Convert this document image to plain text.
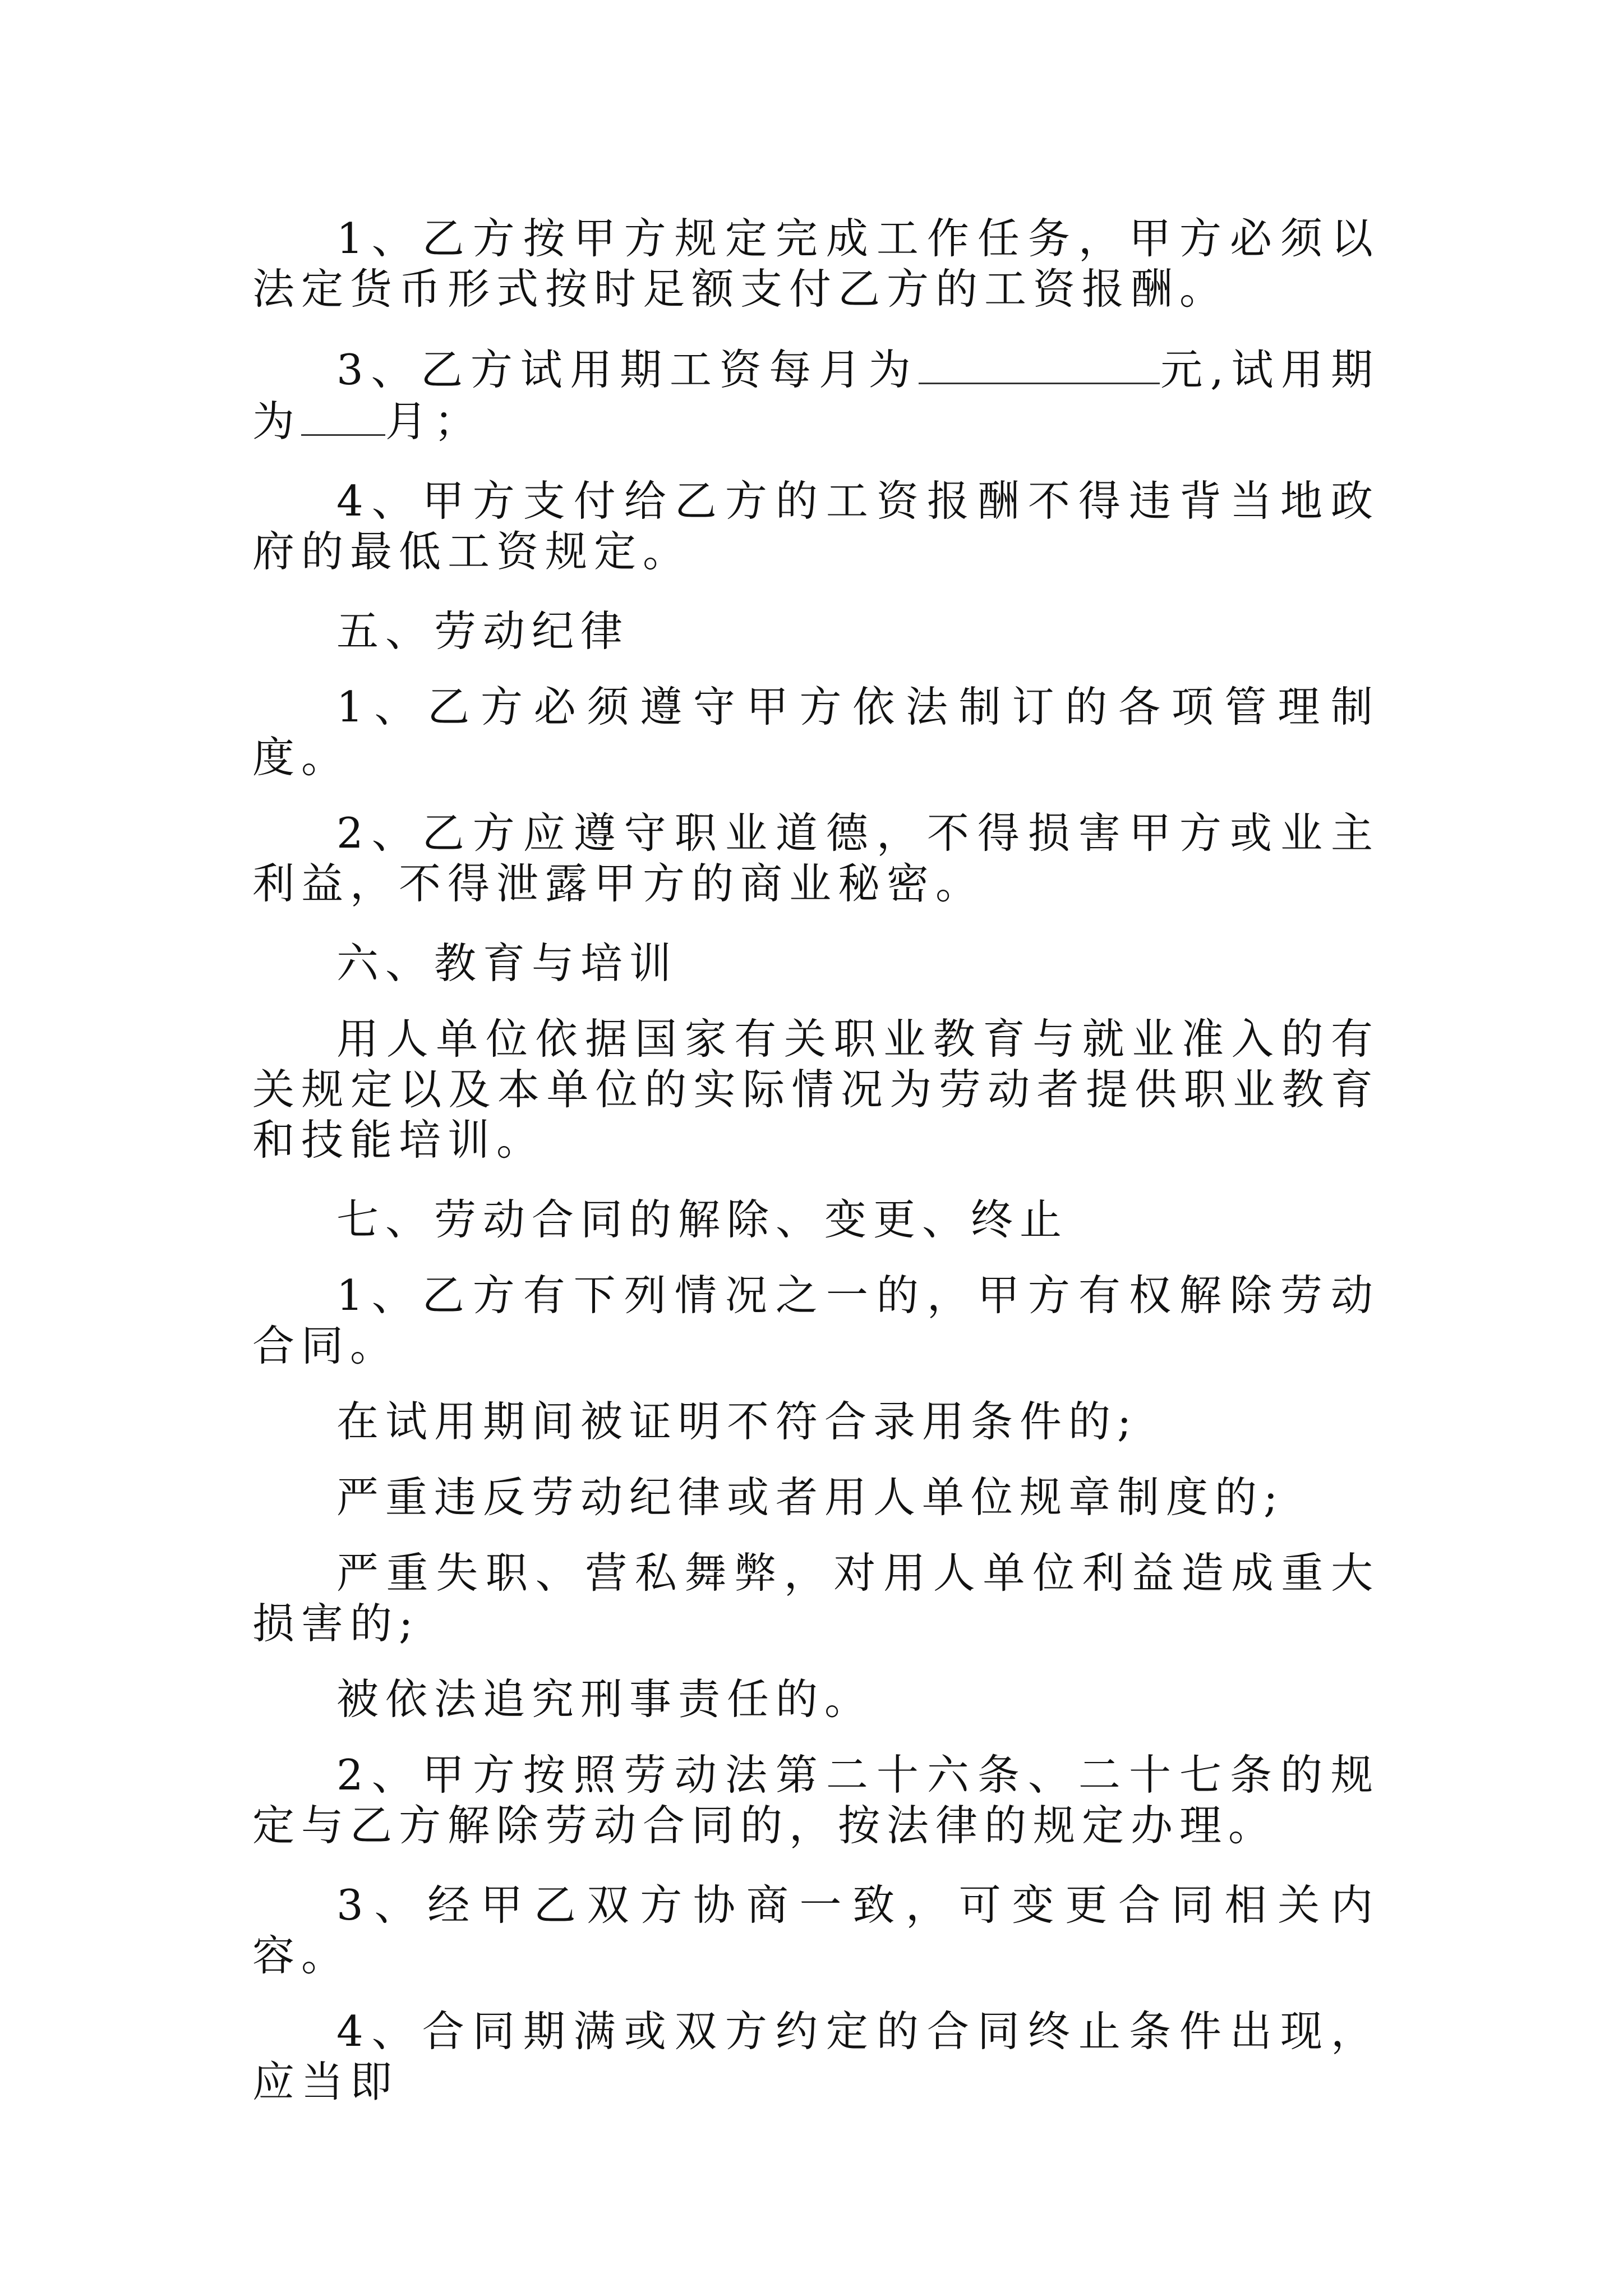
1、乙方按甲方规定完成工作任务，甲方必须以法定货币形式按时足额支付乙方的工资报酬。

3、乙方试用期工资每月为	元,试用期为 月；

4、甲方支付给乙方的工资报酬不得违背当地政府的最低工资规定。

五、劳动纪律

1、乙方必须遵守甲方依法制订的各项管理制度。

2、乙方应遵守职业道德，不得损害甲方或业主利益，不得泄露甲方的商业秘密。

六、教育与培训

用人单位依据国家有关职业教育与就业准入的有关规定以及本单位的实际情况为劳动者提供职业教育和技能培训。

七、劳动合同的解除、变更、终止

1、乙方有下列情况之一的，甲方有权解除劳动合同。

在试用期间被证明不符合录用条件的;

严重违反劳动纪律或者用人单位规章制度的;

严重失职、营私舞弊，对用人单位利益造成重大损害的;

被依法追究刑事责任的。

2、甲方按照劳动法第二十六条、二十七条的规定与乙方解除劳动合同的，按法律的规定办理。

3、经甲乙双方协商一致，可变更合同相关内容。

4、合同期满或双方约定的合同终止条件出现，应当即
